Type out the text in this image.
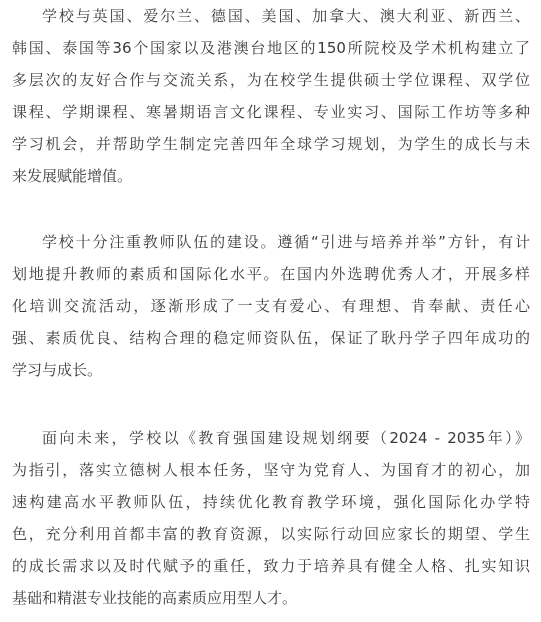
学校与英国、爱尔兰、德国、美国、加拿大、澳大利亚、新西兰、
韩国、泰国等36个国家以及港澳台地区的150所院校及学术机构建立了
多层次的友好合作与交流关系，为在校学生提供硕士学位课程、双学位
课程、学期课程、寒暑期语言文化课程、专业实习、国际工作坊等多种
学习机会，并帮助学生制定完善四年全球学习规划，为学生的成长与未
来发展赋能增值。
学校十分注重教师队伍的建设。遵循“引进与培养并举”方针，有计
划地提升教师的素质和国际化水平。在国内外选聘优秀人才，开展多样
化培训交流活动，逐渐形成了一支有爱心、有理想、肯奉献、责任心
强、素质优良、结构合理的稳定师资队伍，保证了耿丹学子四年成功的
学习与成长。
面向未来，学校以《教育强国建设规划纲要（2024 - 2035年）》
为指引，落实立德树人根本任务，坚守为党育人、为国育才的初心，加
速构建高水平教师队伍，持续优化教育教学环境，强化国际化办学特
色，充分利用首都丰富的教育资源，以实际行动回应家长的期望、学生
的成长需求以及时代赋予的重任，致力于培养具有健全人格、扎实知识
基础和精湛专业技能的高素质应用型人才。
